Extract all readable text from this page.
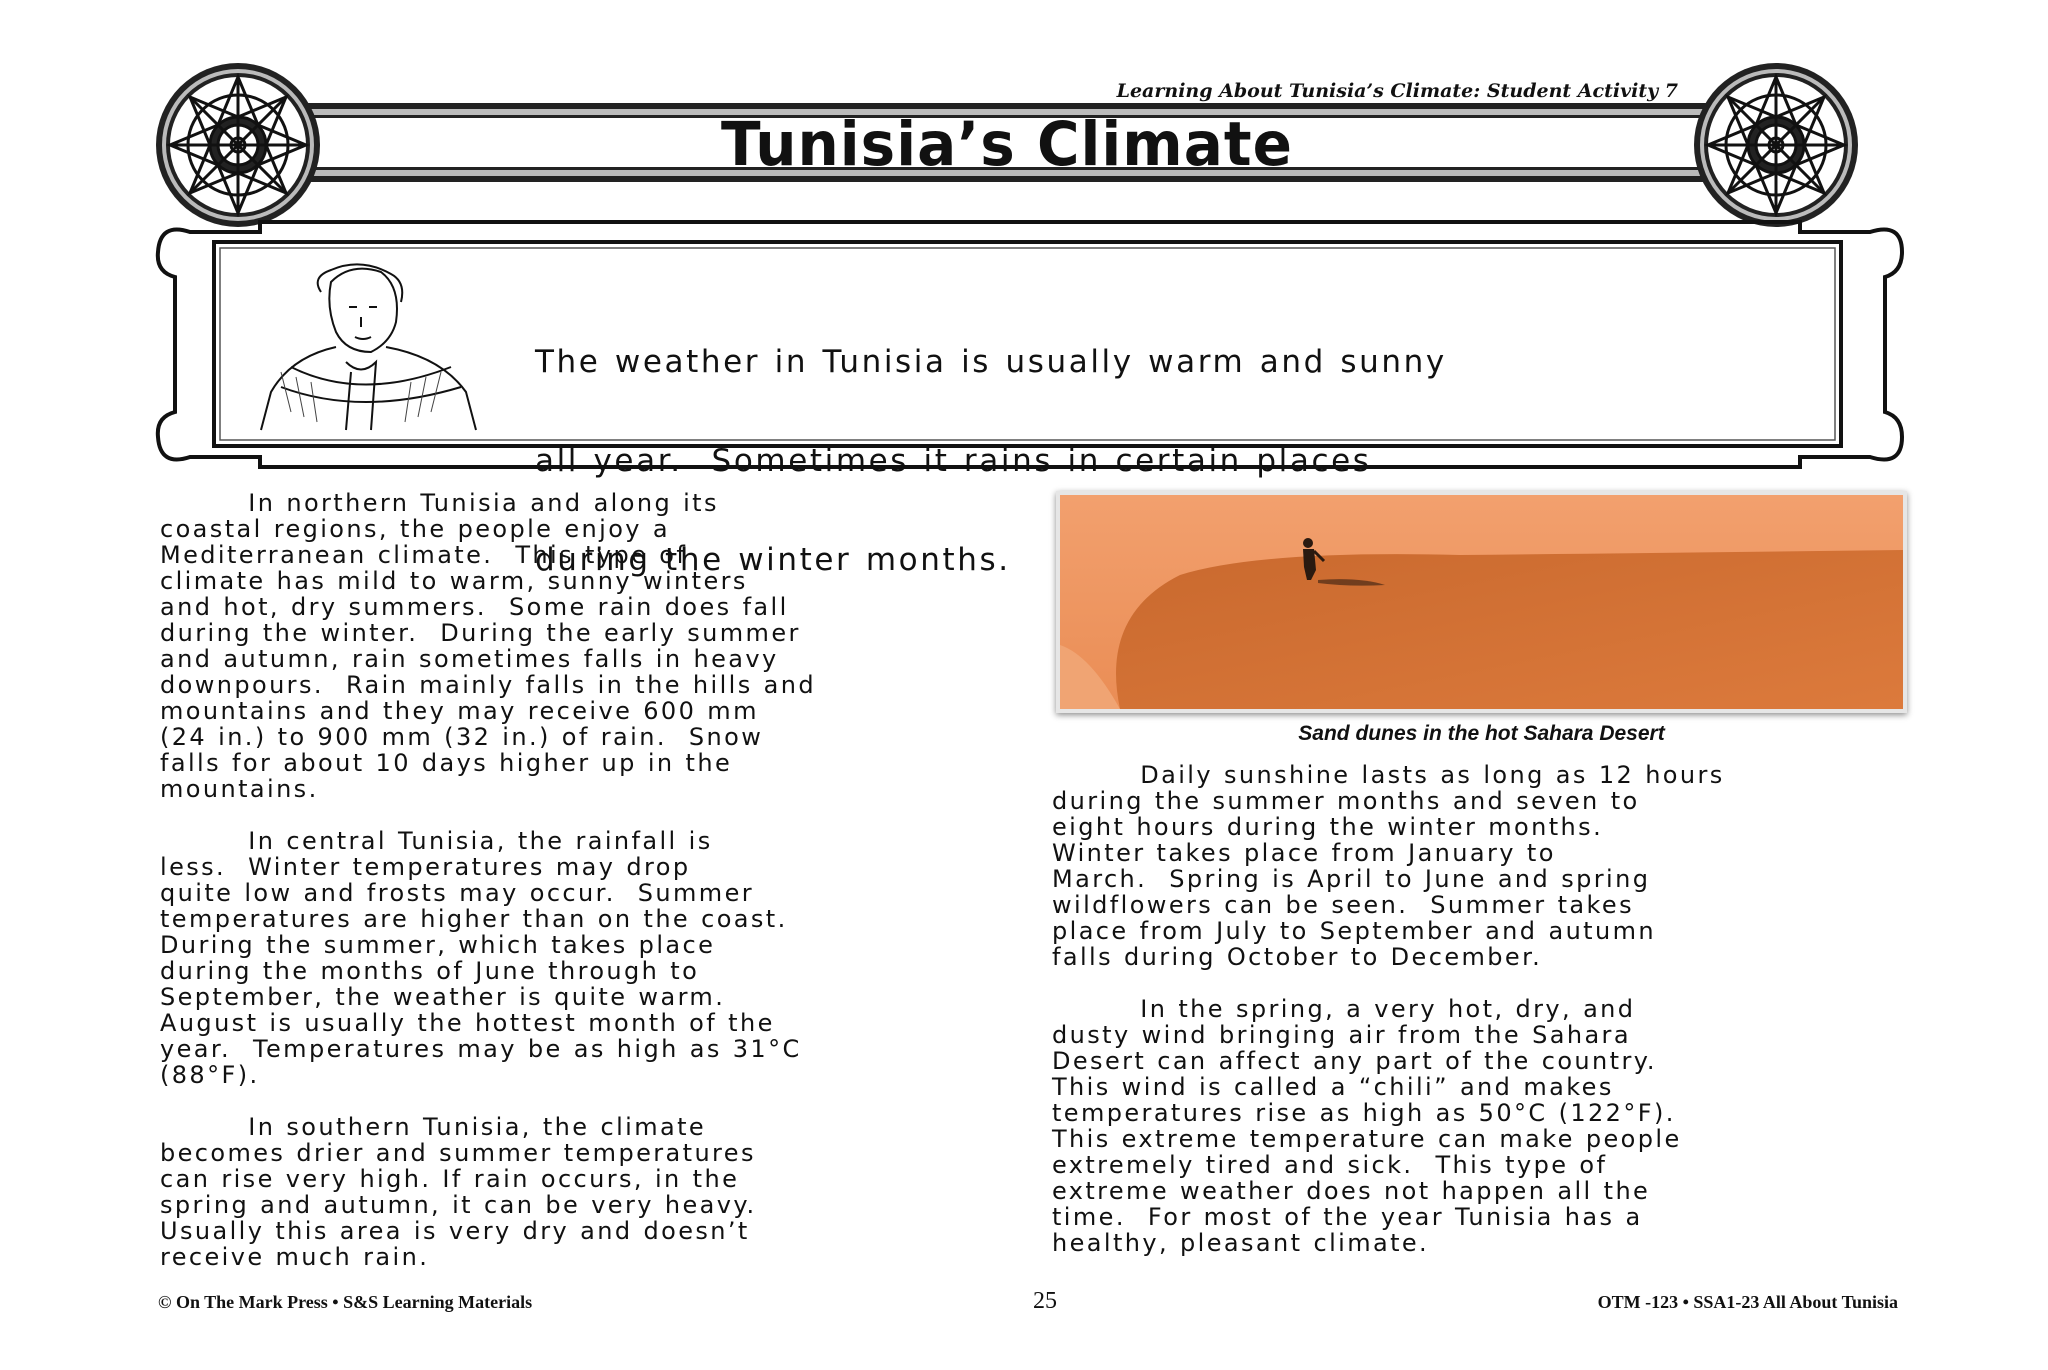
Learning About Tunisia’s Climate: Student Activity 7
Tunisia’s Climate

The weather in Tunisia is usually warm and sunny

all year.  Sometimes it rains in certain places

during the winter months.

In northern Tunisia and along its
coastal regions, the people enjoy a
Mediterranean climate.  This type of
climate has mild to warm, sunny winters
and hot, dry summers.  Some rain does fall
during the winter.  During the early summer
and autumn, rain sometimes falls in heavy
downpours.  Rain mainly falls in the hills and
mountains and they may receive 600 mm
(24 in.) to 900 mm (32 in.) of rain.  Snow
falls for about 10 days higher up in the
mountains.
In central Tunisia, the rainfall is
less.  Winter temperatures may drop
quite low and frosts may occur.  Summer
temperatures are higher than on the coast.
During the summer, which takes place
during the months of June through to
September, the weather is quite warm.
August is usually the hottest month of the
year.  Temperatures may be as high as 31°C
(88°F).
In southern Tunisia, the climate
becomes drier and summer temperatures
can rise very high. If rain occurs, in the
spring and autumn, it can be very heavy.
Usually this area is very dry and doesn’t
receive much rain.
Sand dunes in the hot Sahara Desert
Daily sunshine lasts as long as 12 hours
during the summer months and seven to
eight hours during the winter months.
Winter takes place from January to
March.  Spring is April to June and spring
wildflowers can be seen.  Summer takes
place from July to September and autumn
falls during October to December.
In the spring, a very hot, dry, and
dusty wind bringing air from the Sahara
Desert can affect any part of the country.
This wind is called a “chili” and makes
temperatures rise as high as 50°C (122°F).
This extreme temperature can make people
extremely tired and sick.  This type of
extreme weather does not happen all the
time.  For most of the year Tunisia has a
healthy, pleasant climate.
© On The Mark Press • S&S Learning Materials	25	OTM -123 • SSA1-23 All About Tunisia
